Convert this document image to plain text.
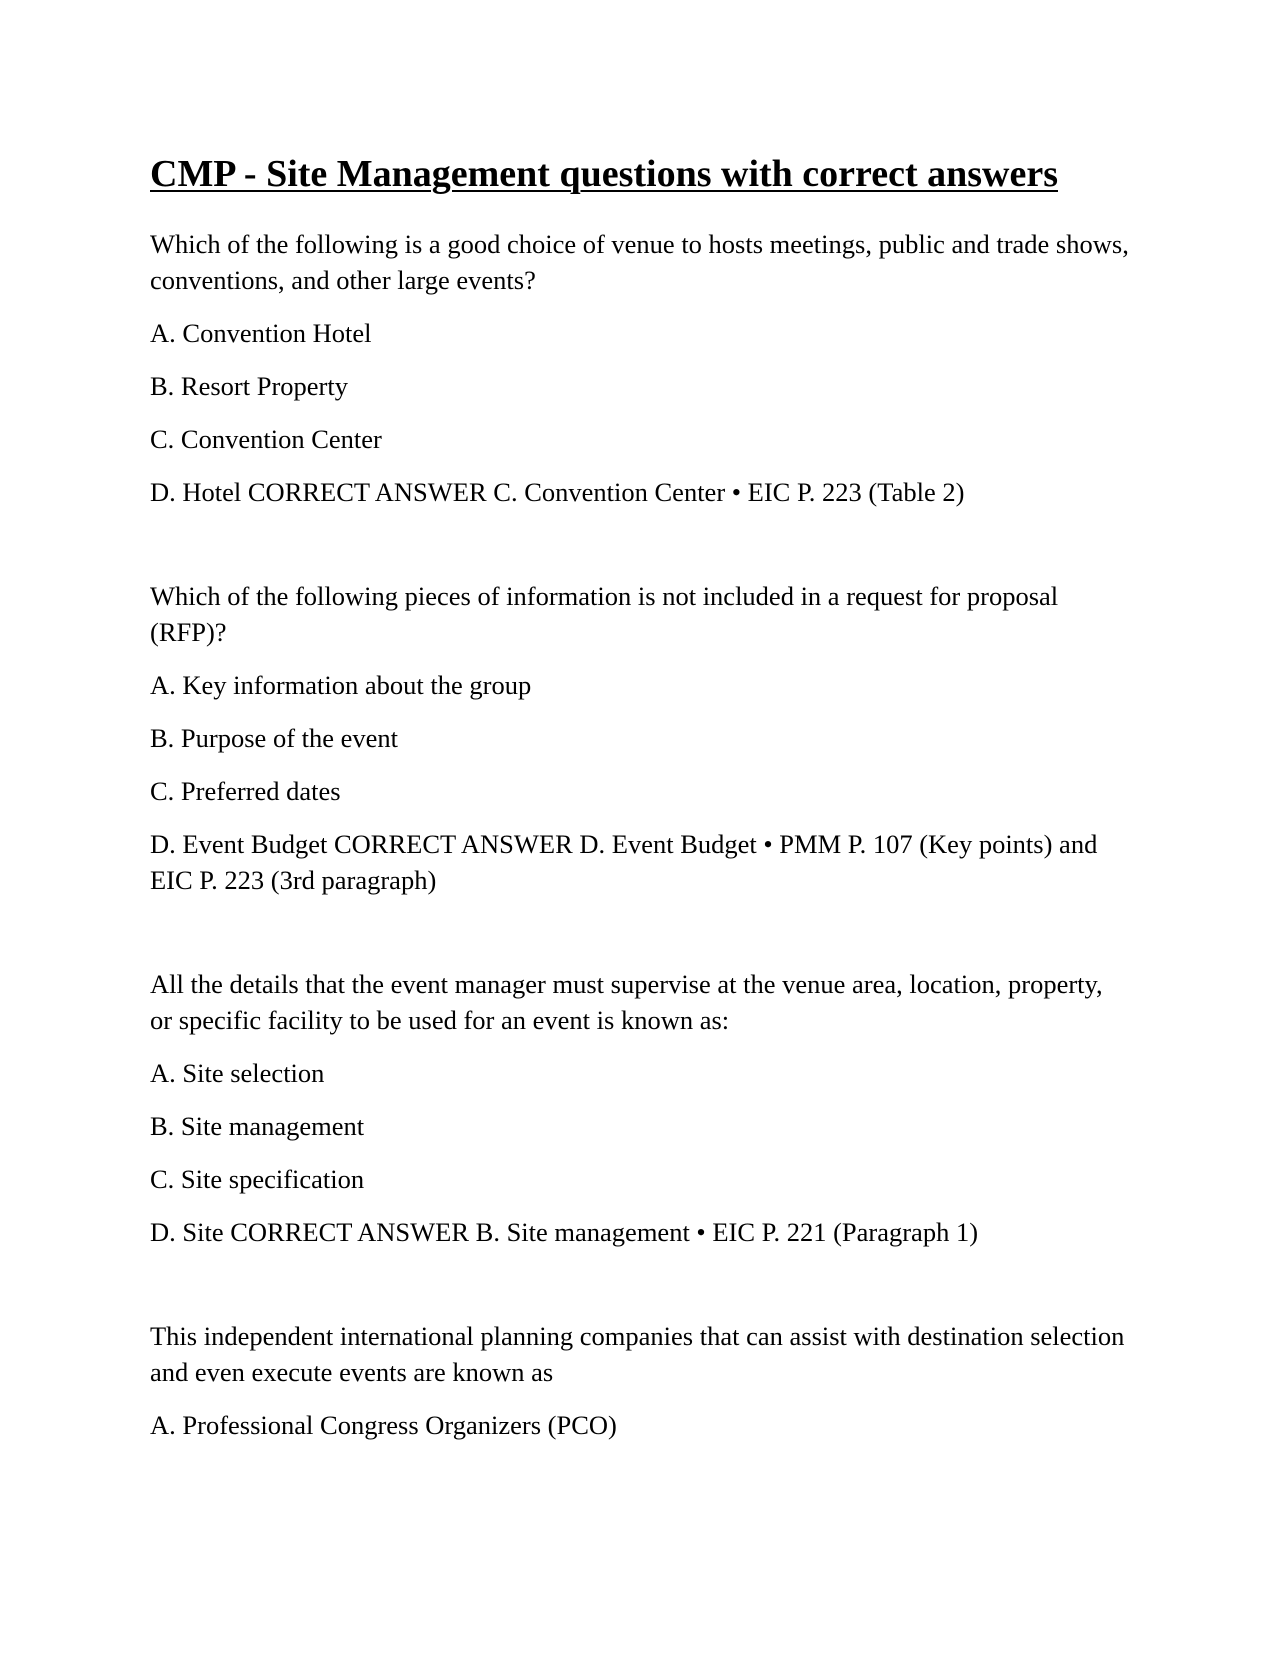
CMP - Site Management questions with correct answers

Which of the following is a good choice of venue to hosts meetings, public and trade shows, conventions, and other large events?

A. Convention Hotel

B. Resort Property

C. Convention Center

D. Hotel CORRECT ANSWER C. Convention Center • EIC P. 223 (Table 2)

Which of the following pieces of information is not included in a request for proposal (RFP)?

A. Key information about the group

B. Purpose of the event

C. Preferred dates

D. Event Budget CORRECT ANSWER D. Event Budget • PMM P. 107 (Key points) and EIC P. 223 (3rd paragraph)

All the details that the event manager must supervise at the venue area, location, property, or specific facility to be used for an event is known as:

A. Site selection

B. Site management

C. Site specification

D. Site CORRECT ANSWER B. Site management • EIC P. 221 (Paragraph 1)

This independent international planning companies that can assist with destination selection and even execute events are known as

A. Professional Congress Organizers (PCO)
